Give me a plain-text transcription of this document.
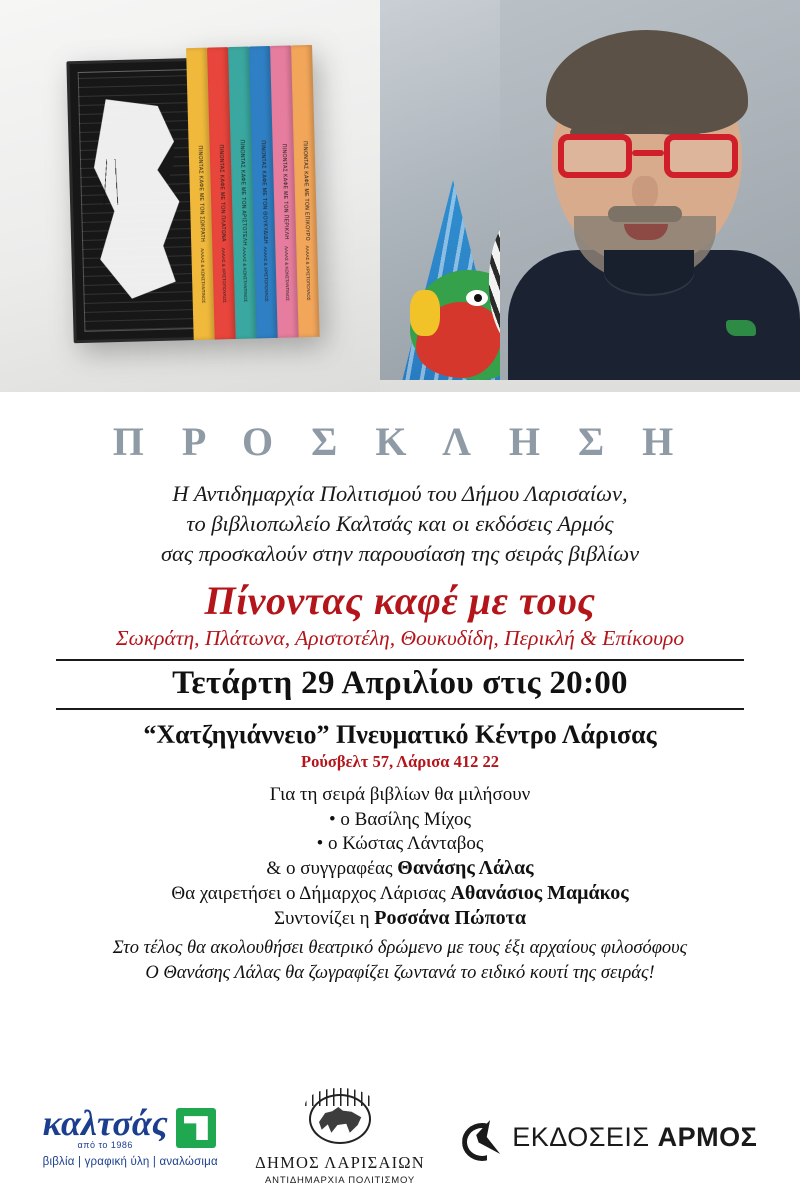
ΠΙΝΟΝΤΑΣ ΚΑΦΕ ΜΕ ΤΟΝ ΣΩΚΡΑΤΗ
ΛΑΛΑΣ & ΚΩΝΣΤΑΝΤΙΝΟΣ
ΠΙΝΟΝΤΑΣ ΚΑΦΕ ΜΕ ΤΟΝ ΠΛΑΤΩΝΑ
ΛΑΛΑΣ & ΧΡΙΣΤΟΠΟΥΛΟΣ
ΠΙΝΟΝΤΑΣ ΚΑΦΕ ΜΕ ΤΟΝ ΑΡΙΣΤΟΤΕΛΗ
ΛΑΛΑΣ & ΚΩΝΣΤΑΝΤΙΝΟΣ
ΠΙΝΟΝΤΑΣ ΚΑΦΕ ΜΕ ΤΟΝ ΘΟΥΚΥΔΙΔΗ
ΛΑΛΑΣ & ΧΡΙΣΤΟΠΟΥΛΟΣ
ΠΙΝΟΝΤΑΣ ΚΑΦΕ ΜΕ ΤΟΝ ΠΕΡΙΚΛΗ
ΛΑΛΑΣ & ΚΩΝΣΤΑΝΤΙΝΟΣ
ΠΙΝΟΝΤΑΣ ΚΑΦΕ ΜΕ ΤΟΝ ΕΠΙΚΟΥΡΟ
ΛΑΛΑΣ & ΧΡΙΣΤΟΠΟΥΛΟΣ
Π Ρ Ο Σ Κ Λ Η Σ Η
Η Αντιδημαρχία Πολιτισμού του Δήμου Λαρισαίων,
το βιβλιοπωλείο Καλτσάς και οι εκδόσεις Αρμός
σας προσκαλούν στην παρουσίαση της σειράς βιβλίων
Πίνοντας καφέ με τους
Σωκράτη, Πλάτωνα, Αριστοτέλη, Θουκυδίδη, Περικλή & Επίκουρο
Τετάρτη 29 Απριλίου στις 20:00
“Χατζηγιάννειο” Πνευματικό Κέντρο Λάρισας
Ρούσβελτ 57, Λάρισα 412 22
Για τη σειρά βιβλίων θα μιλήσουν
• ο Βασίλης Μίχος
• ο Κώστας Λάνταβος
& ο συγγραφέας Θανάσης Λάλας
Θα χαιρετήσει ο Δήμαρχος Λάρισας Αθανάσιος Μαμάκος
Συντονίζει η Ροσσάνα Πώποτα
Στο τέλος θα ακολουθήσει θεατρικό δρώμενο με τους έξι αρχαίους φιλοσόφους
Ο Θανάσης Λάλας θα ζωγραφίζει ζωντανά το ειδικό κουτί της σειράς!
καλτσάς
από το 1986
βιβλία | γραφική ύλη | αναλώσιμα ΔΗΜΟΣ ΛΑΡΙΣΑΙΩΝ
ΑΝΤΙΔΗΜΑΡΧΙΑ ΠΟΛΙΤΙΣΜΟΥ
ΕΚΔΟΣΕΙΣ ΑΡΜΟΣ
